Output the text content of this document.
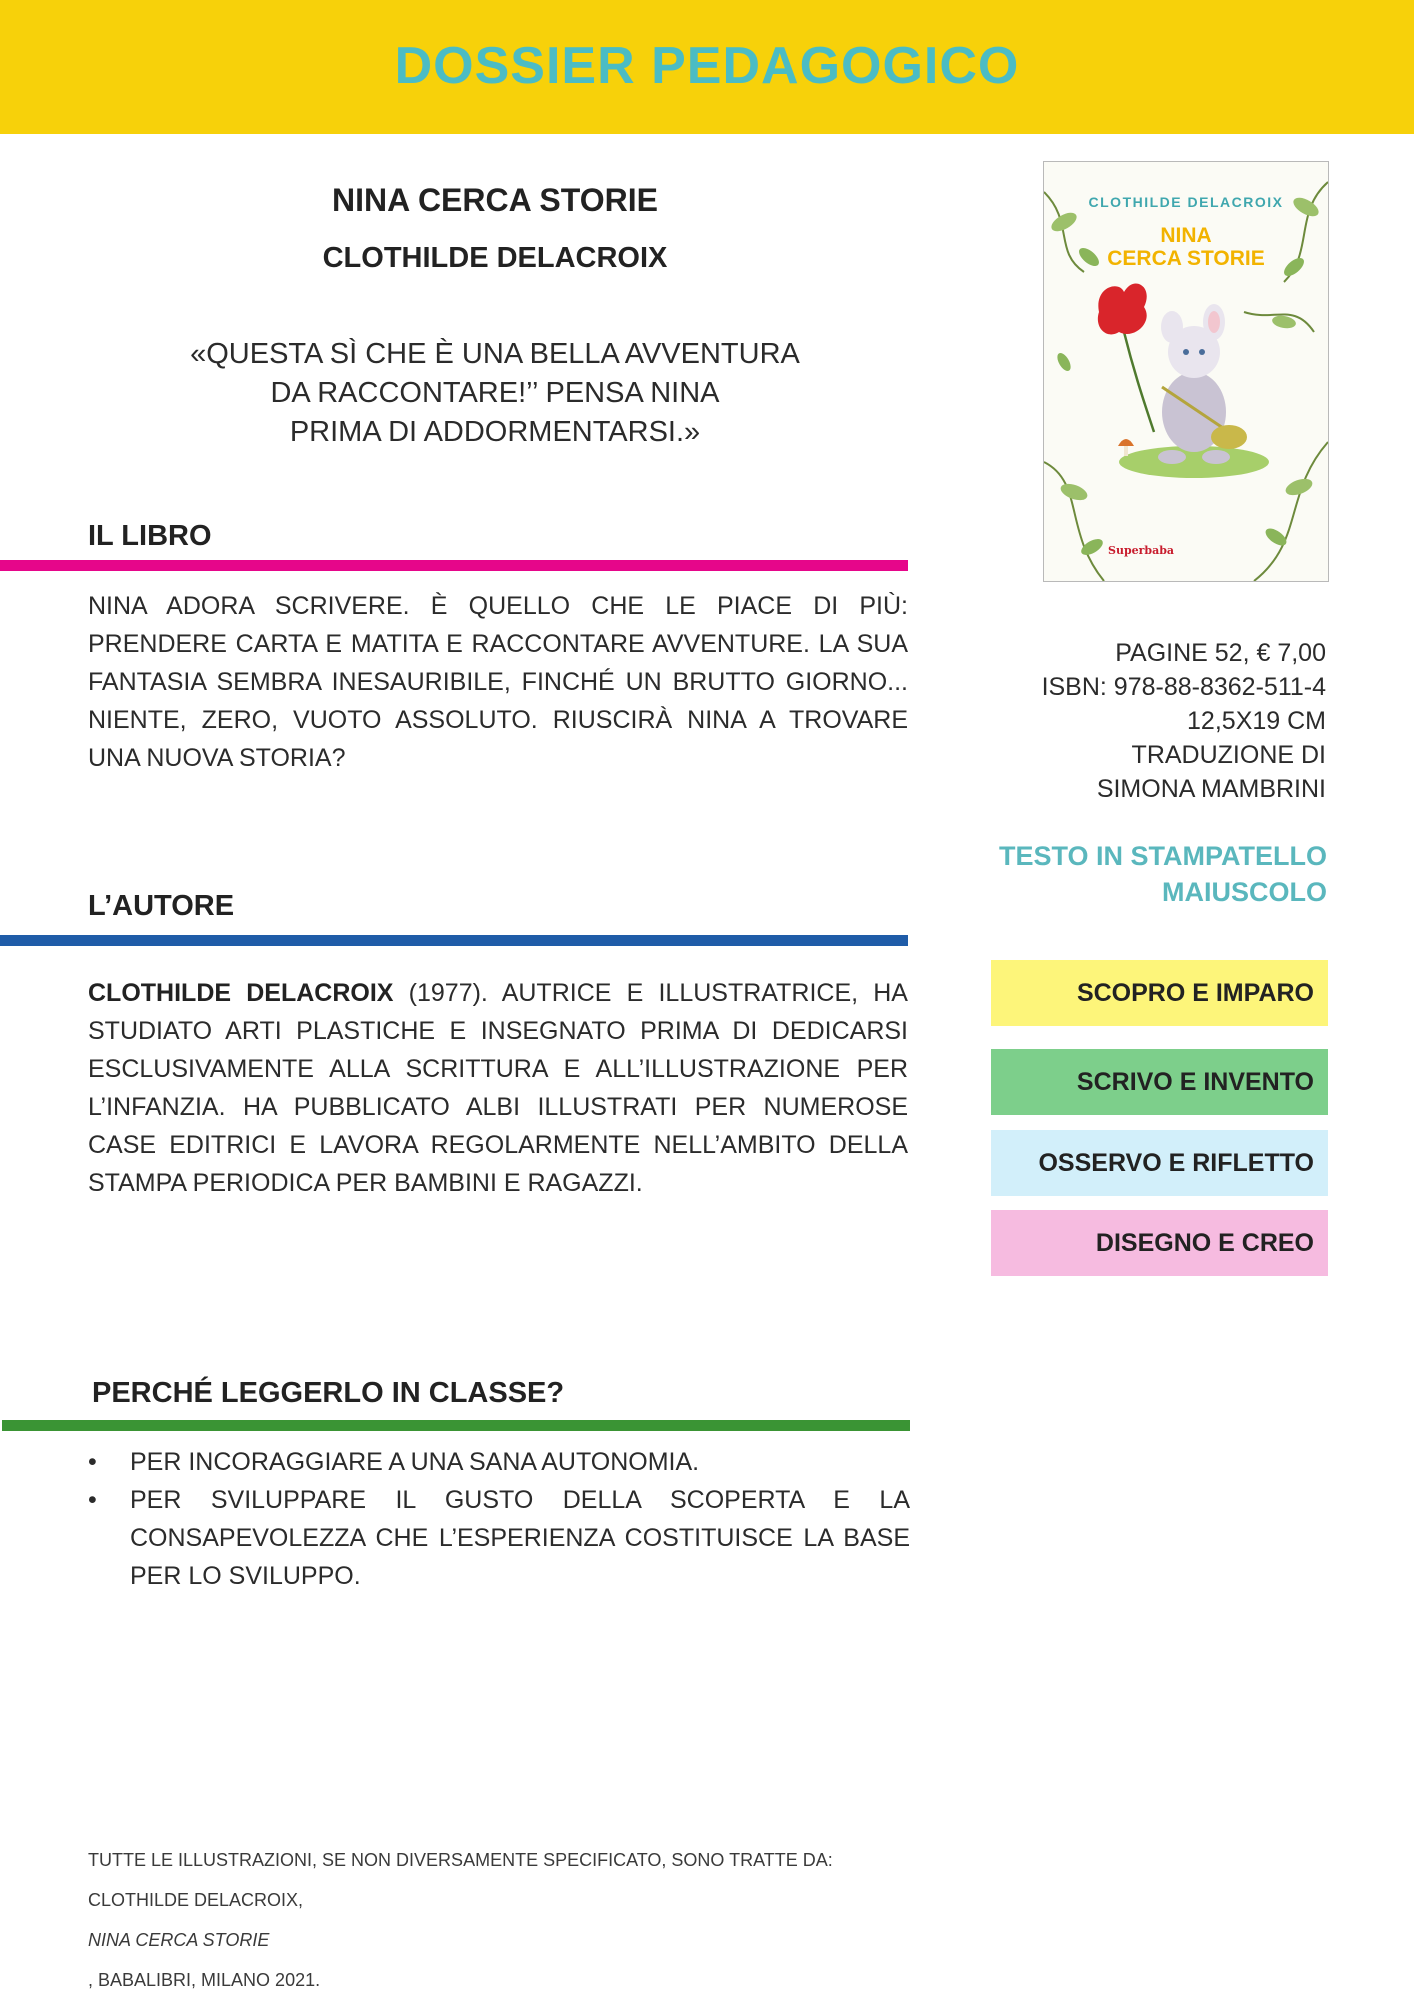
DOSSIER PEDAGOGICO
NINA CERCA STORIE
CLOTHILDE DELACROIX
«QUESTA SÌ CHE È UNA BELLA AVVENTURA
DA RACCONTARE!’’ PENSA NINA
PRIMA DI ADDORMENTARSI.»
IL LIBRO
NINA ADORA SCRIVERE. È QUELLO CHE LE PIACE DI PIÙ: PRENDERE CARTA E MATITA E RACCONTARE AVVENTURE. LA SUA FANTASIA SEMBRA INESAURIBILE, FINCHÉ UN BRUTTO GIORNO... NIENTE, ZERO, VUOTO ASSOLUTO. RIUSCIRÀ NINA A TROVARE UNA NUOVA STORIA?
L’AUTORE
CLOTHILDE DELACROIX (1977). AUTRICE E ILLUSTRATRICE, HA STUDIATO ARTI PLASTICHE E INSEGNATO PRIMA DI DEDICARSI ESCLUSIVAMENTE ALLA SCRITTURA E ALL’ILLUSTRAZIONE PER L’INFANZIA. HA PUBBLICATO ALBI ILLUSTRATI PER NUMEROSE CASE EDITRICI E LAVORA REGOLARMENTE NELL’AMBITO DELLA STAMPA PERIODICA PER BAMBINI E RAGAZZI.
PERCHÉ LEGGERLO IN CLASSE?
• PER INCORAGGIARE A UNA SANA AUTONOMIA.
• PER SVILUPPARE IL GUSTO DELLA SCOPERTA E LA CONSAPEVOLEZZA CHE L’ESPERIENZA COSTITUISCE LA BASE PER LO SVILUPPO.
CLOTHILDE DELACROIX
NINA
CERCA STORIE
Superbaba
PAGINE 52, € 7,00
ISBN: 978-88-8362-511-4
12,5X19 CM
TRADUZIONE DI
SIMONA MAMBRINI
TESTO IN STAMPATELLO
MAIUSCOLO
SCOPRO E IMPARO
SCRIVO E INVENTO
OSSERVO E RIFLETTO
DISEGNO E CREO
TUTTE LE ILLUSTRAZIONI, SE NON DIVERSAMENTE SPECIFICATO, SONO TRATTE DA:
CLOTHILDE DELACROIX,
NINA CERCA STORIE
, BABALIBRI, MILANO 2021.
